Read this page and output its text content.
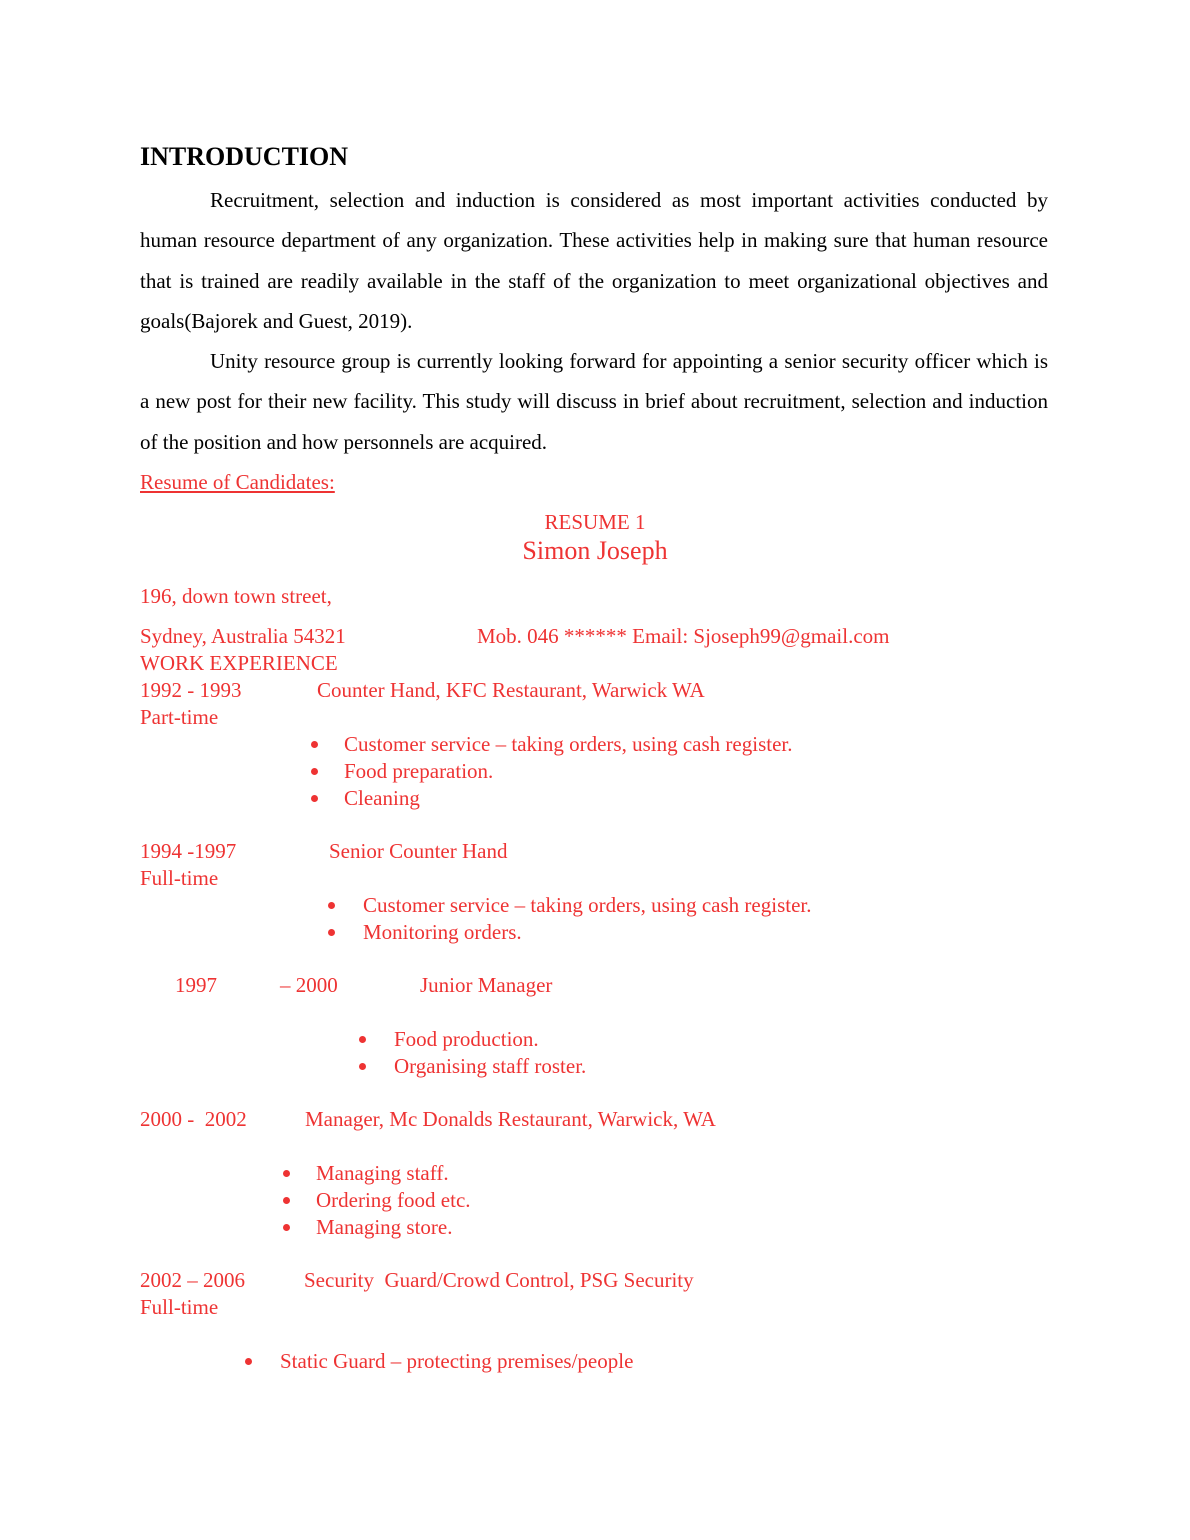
INTRODUCTION

Recruitment, selection and induction is considered as most important activities conducted by human resource department of any organization. These activities help in making sure that human resource that is trained are readily available in the staff of the organization to meet organizational objectives and goals(Bajorek and Guest, 2019).

Unity resource group is currently looking forward for appointing a senior security officer which is a new post for their new facility. This study will discuss in brief about recruitment, selection and induction of the position and how personnels are acquired.

Resume of Candidates:
RESUME 1
Simon Joseph
196, down town street,
Sydney, Australia 54321	Mob. 046 ****** Email: Sjoseph99@gmail.com
WORK EXPERIENCE
1992 - 1993	Counter Hand, KFC Restaurant, Warwick WA
Part-time
Customer service – taking orders, using cash register.
Food preparation.
Cleaning
1994 -1997	Senior Counter Hand
Full-time
Customer service – taking orders, using cash register.
Monitoring orders.
1997	– 2000	Junior Manager
Food production.
Organising staff roster.
2000 -  2002	Manager, Mc Donalds Restaurant, Warwick, WA
Managing staff.
Ordering food etc.
Managing store.
2002 – 2006	Security  Guard/Crowd Control, PSG Security
Full-time
Static Guard – protecting premises/people
